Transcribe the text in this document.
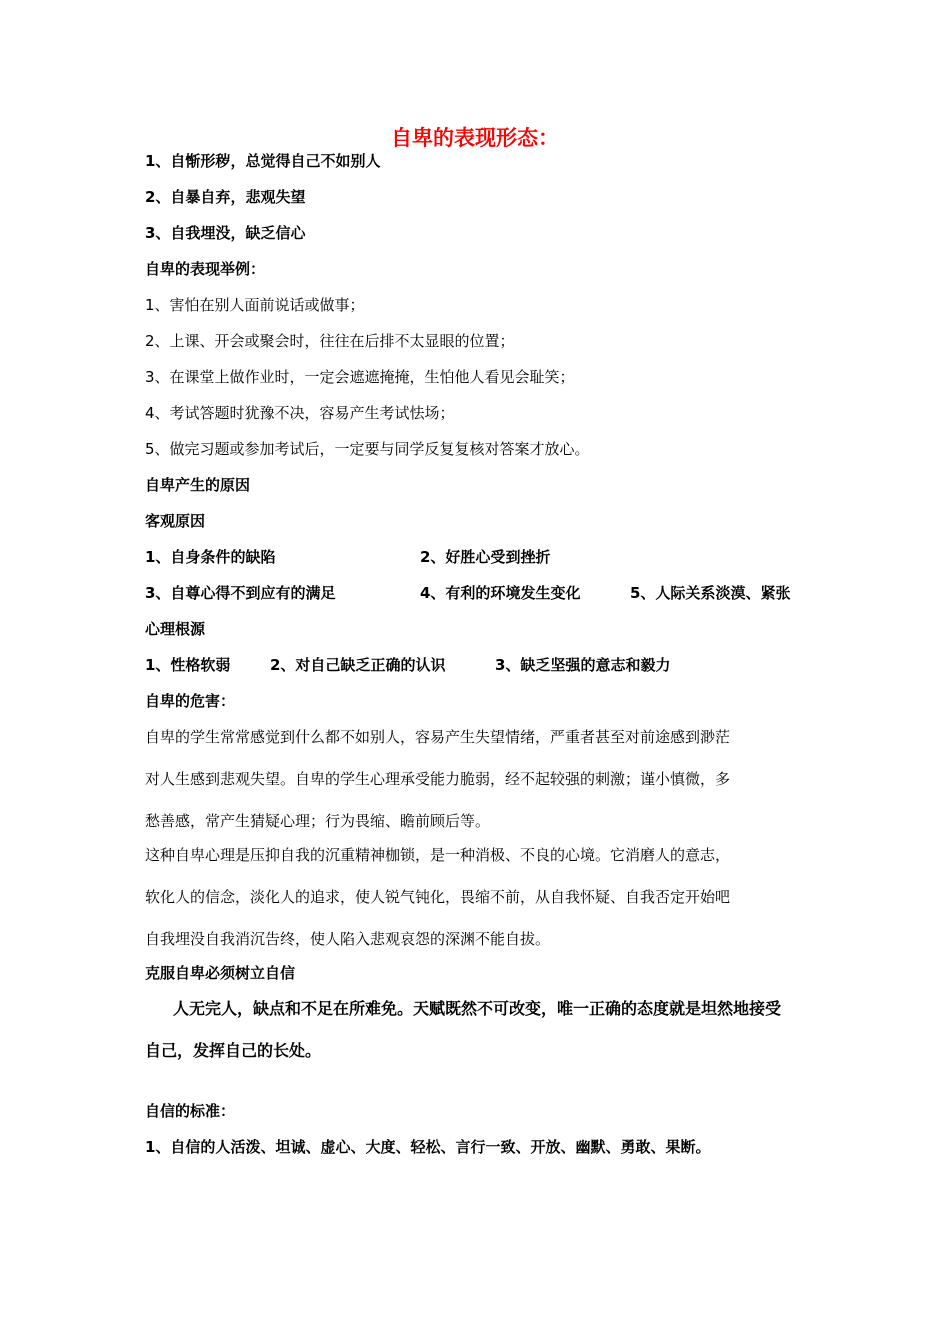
自卑的表现形态：
1、自惭形秽，总觉得自己不如别人
2、自暴自弃，悲观失望
3、自我埋没，缺乏信心
自卑的表现举例：
1、害怕在别人面前说话或做事；
2、上课、开会或聚会时，往往在后排不太显眼的位置；
3、在课堂上做作业时，一定会遮遮掩掩，生怕他人看见会耻笑；
4、考试答题时犹豫不决，容易产生考试怯场；
5、做完习题或参加考试后，一定要与同学反复复核对答案才放心。
自卑产生的原因
客观原因
1、自身条件的缺陷	2、好胜心受到挫折
3、自尊心得不到应有的满足	4、有利的环境发生变化	5、人际关系淡漠、紧张
心理根源
1、性格软弱	2、对自己缺乏正确的认识	3、缺乏坚强的意志和毅力
自卑的危害：
自卑的学生常常感觉到什么都不如别人，容易产生失望情绪，严重者甚至对前途感到渺茫
对人生感到悲观失望。自卑的学生心理承受能力脆弱，经不起较强的刺激；谨小慎微，多
愁善感，常产生猜疑心理；行为畏缩、瞻前顾后等。
这种自卑心理是压抑自我的沉重精神枷锁，是一种消极、不良的心境。它消磨人的意志，
软化人的信念，淡化人的追求，使人锐气钝化，畏缩不前，从自我怀疑、自我否定开始吧
自我埋没自我消沉告终，使人陷入悲观哀怨的深渊不能自拔。
克服自卑必须树立自信
人无完人，缺点和不足在所难免。天赋既然不可改变，唯一正确的态度就是坦然地接受
自己，发挥自己的长处。
自信的标准：
1、自信的人活泼、坦诚、虚心、大度、轻松、言行一致、开放、幽默、勇敢、果断。
